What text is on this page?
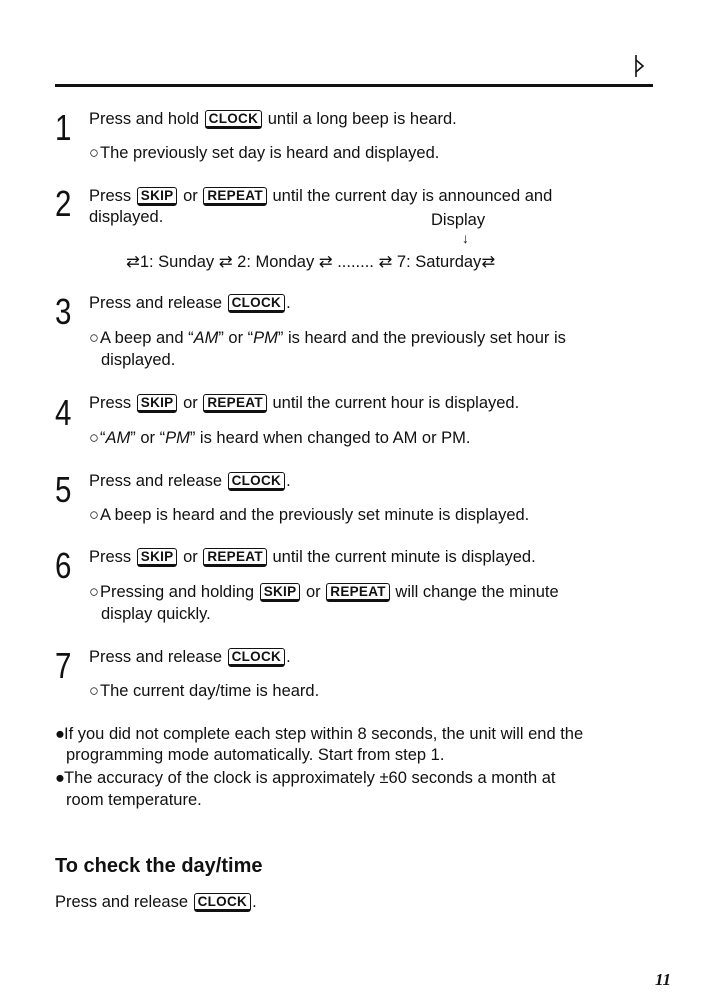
1 Press and hold CLOCK until a long beep is heard.
○The previously set day is heard and displayed.
2 Press SKIP or REPEAT until the current day is announced and
displayed.	Display
↓
⇄1: Sunday ⇄ 2: Monday ⇄ ........ ⇄ 7: Saturday⇄
3 Press and release CLOCK .
○A beep and “AM” or “PM” is heard and the previously set hour is
displayed.
4 Press SKIP or REPEAT until the current hour is displayed.
○“AM” or “PM” is heard when changed to AM or PM.
5 Press and release CLOCK .
○A beep is heard and the previously set minute is displayed.
6 Press SKIP or REPEAT until the current minute is displayed.
○Pressing and holding SKIP or REPEAT will change the minute
display quickly.
7 Press and release CLOCK .
○The current day/time is heard.
●If you did not complete each step within 8 seconds, the unit will end the
programming mode automatically. Start from step 1.
●The accuracy of the clock is approximately ±60 seconds a month at
room temperature.
To check the day/time
Press and release CLOCK .
11
